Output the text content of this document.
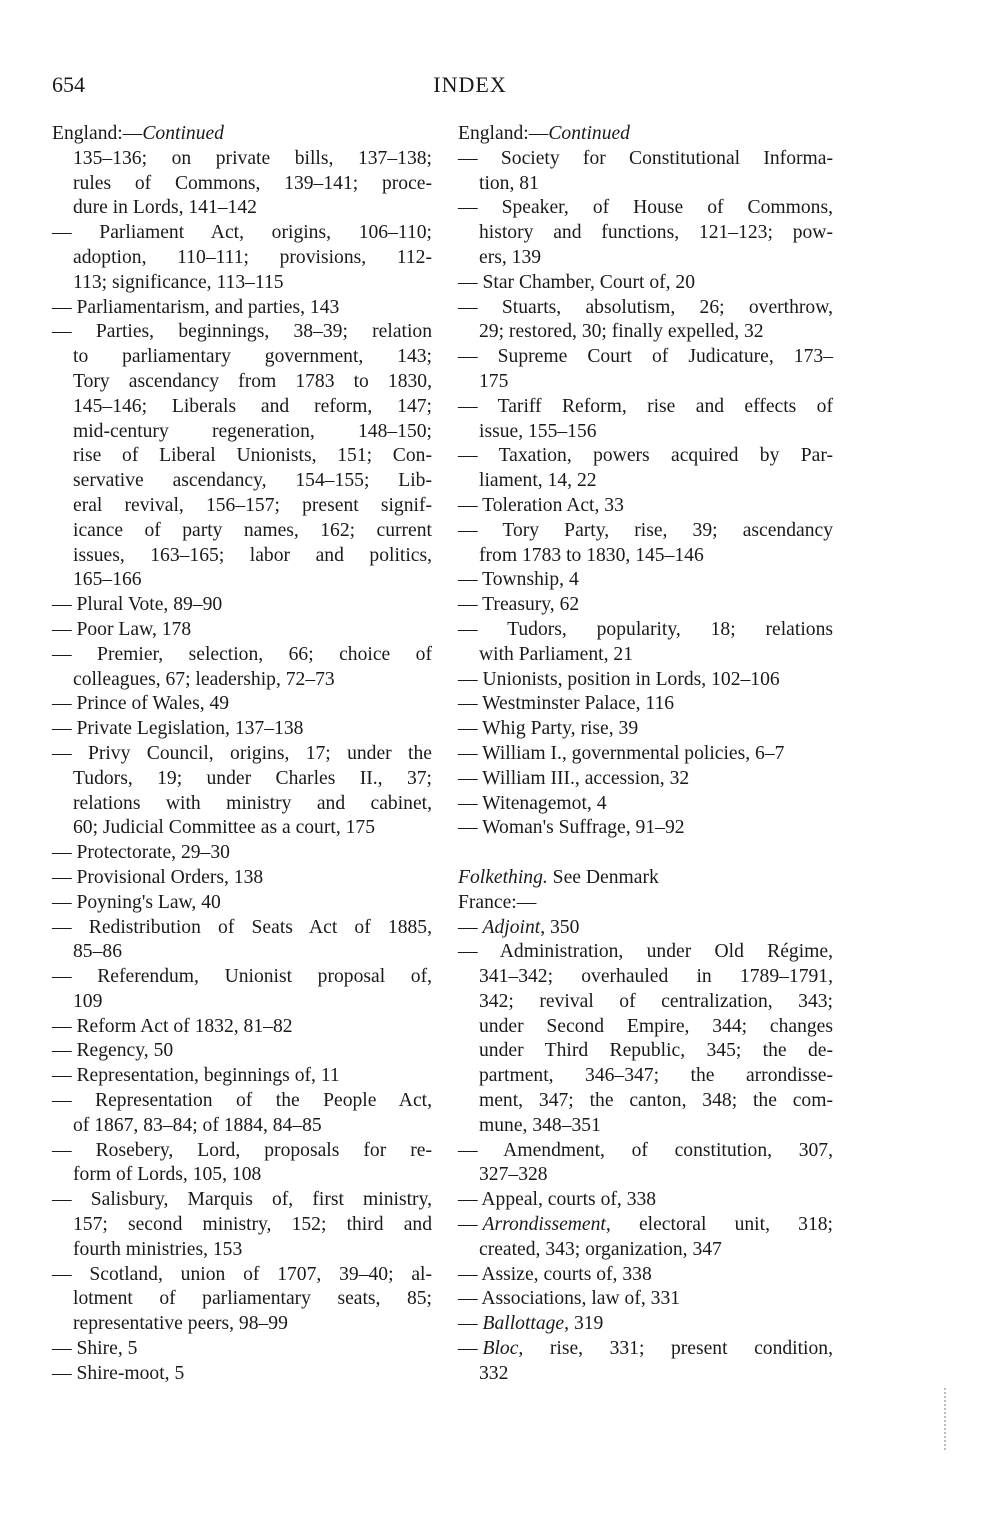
654	INDEX
England:—Continued
135–136; on private bills, 137–138;
rules of Commons, 139–141; proce-
dure in Lords, 141–142
— Parliament Act, origins, 106–110;
adoption, 110–111; provisions, 112-
113; significance, 113–115
— Parliamentarism, and parties, 143
— Parties, beginnings, 38–39; relation
to parliamentary government, 143;
Tory ascendancy from 1783 to 1830,
145–146; Liberals and reform, 147;
mid-century regeneration, 148–150;
rise of Liberal Unionists, 151; Con-
servative ascendancy, 154–155; Lib-
eral revival, 156–157; present signif-
icance of party names, 162; current
issues, 163–165; labor and politics,
165–166
— Plural Vote, 89–90
— Poor Law, 178
— Premier, selection, 66; choice of
colleagues, 67; leadership, 72–73
— Prince of Wales, 49
— Private Legislation, 137–138
— Privy Council, origins, 17; under the
Tudors, 19; under Charles II., 37;
relations with ministry and cabinet,
60; Judicial Committee as a court, 175
— Protectorate, 29–30
— Provisional Orders, 138
— Poyning's Law, 40
— Redistribution of Seats Act of 1885,
85–86
— Referendum, Unionist proposal of,
109
— Reform Act of 1832, 81–82
— Regency, 50
— Representation, beginnings of, 11
— Representation of the People Act,
of 1867, 83–84; of 1884, 84–85
— Rosebery, Lord, proposals for re-
form of Lords, 105, 108
— Salisbury, Marquis of, first ministry,
157; second ministry, 152; third and
fourth ministries, 153
— Scotland, union of 1707, 39–40; al-
lotment of parliamentary seats, 85;
representative peers, 98–99
— Shire, 5
— Shire-moot, 5
England:—Continued
— Society for Constitutional Informa-
tion, 81
— Speaker, of House of Commons,
history and functions, 121–123; pow-
ers, 139
— Star Chamber, Court of, 20
— Stuarts, absolutism, 26; overthrow,
29; restored, 30; finally expelled, 32
— Supreme Court of Judicature, 173–
175
— Tariff Reform, rise and effects of
issue, 155–156
— Taxation, powers acquired by Par-
liament, 14, 22
— Toleration Act, 33
— Tory Party, rise, 39; ascendancy
from 1783 to 1830, 145–146
— Township, 4
— Treasury, 62
— Tudors, popularity, 18; relations
with Parliament, 21
— Unionists, position in Lords, 102–106
— Westminster Palace, 116
— Whig Party, rise, 39
— William I., governmental policies, 6–7
— William III., accession, 32
— Witenagemot, 4
— Woman's Suffrage, 91–92
Folkething. See Denmark
France:—
— Adjoint, 350
— Administration, under Old Régime,
341–342; overhauled in 1789–1791,
342; revival of centralization, 343;
under Second Empire, 344; changes
under Third Republic, 345; the de-
partment, 346–347; the arrondisse-
ment, 347; the canton, 348; the com-
mune, 348–351
— Amendment, of constitution, 307,
327–328
— Appeal, courts of, 338
— Arrondissement , electoral unit, 318;
created, 343; organization, 347
— Assize, courts of, 338
— Associations, law of, 331
— Ballottage, 319
— Bloc , rise, 331; present condition,
332
